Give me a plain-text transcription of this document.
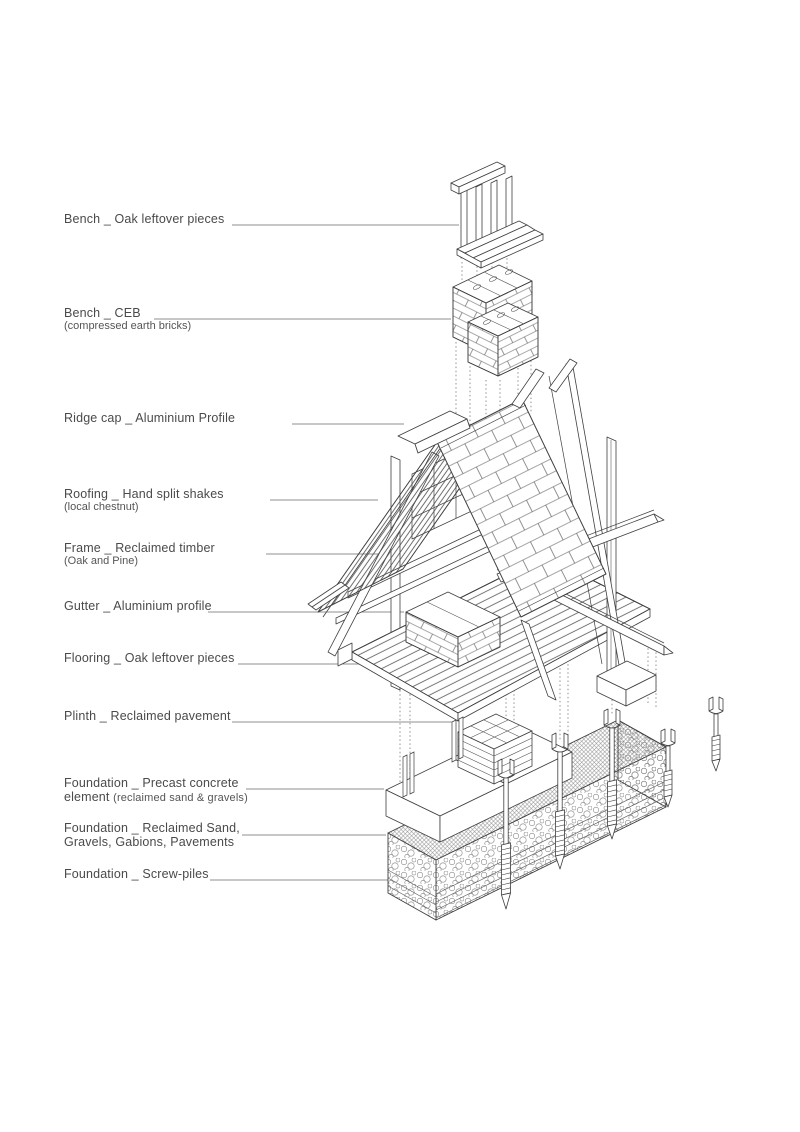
Bench _ Oak leftover pieces
Bench _ CEB
(compressed earth bricks)
Ridge cap _ Aluminium Profile
Roofing _ Hand split shakes
(local chestnut)
Frame _ Reclaimed timber
(Oak and Pine)
Gutter _ Aluminium profile
Flooring _ Oak leftover pieces
Plinth _ Reclaimed pavement
Foundation _ Precast concrete
element (reclaimed sand & gravels)
Foundation _ Reclaimed Sand,
Gravels, Gabions, Pavements
Foundation _ Screw-piles
